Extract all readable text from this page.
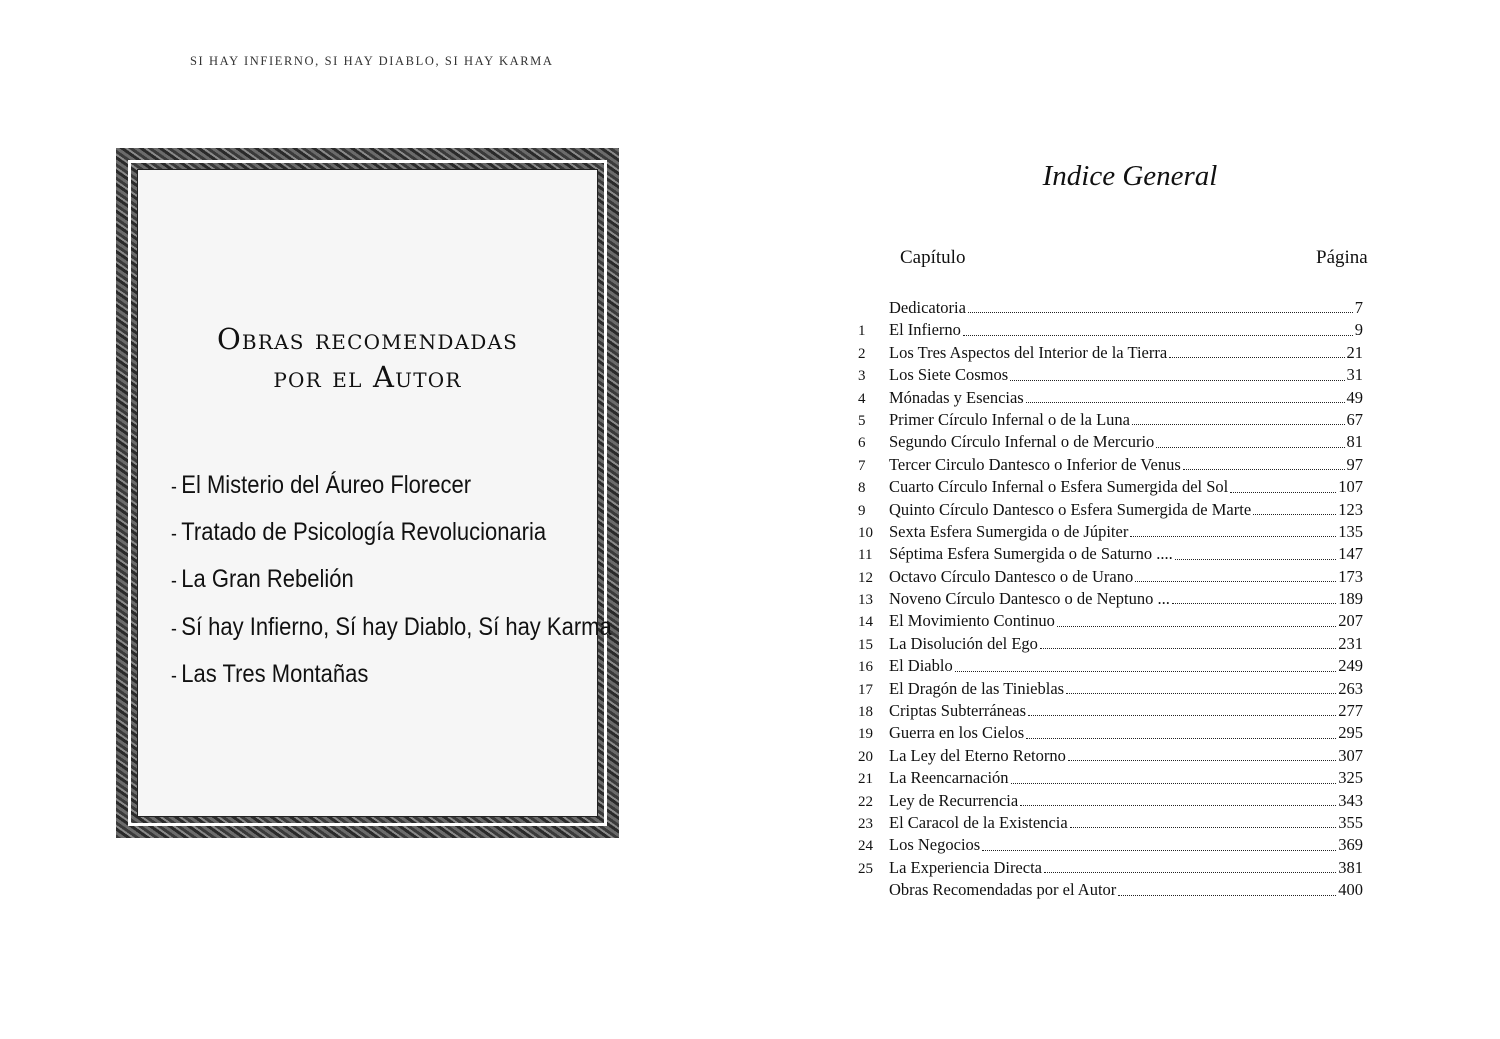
SI HAY INFIERNO, SI HAY DIABLO, SI HAY KARMA
Obras recomendadas
por el Autor
- El Misterio del Áureo Florecer
- Tratado de Psicología Revolucionaria
- La Gran Rebelión
- Sí hay Infierno, Sí hay Diablo, Sí hay Karma
- Las Tres Montañas
Indice General
Capítulo	Página
Dedicatoria	7
1	El Infierno	9
2	Los Tres Aspectos del Interior de la Tierra	21
3	Los Siete Cosmos	31
4	Mónadas y Esencias	49
5	Primer Círculo Infernal o de la Luna	67
6	Segundo Círculo Infernal o de Mercurio	81
7	Tercer Circulo Dantesco o Inferior de Venus	97
8	Cuarto Círculo Infernal o Esfera Sumergida del Sol	107
9	Quinto Círculo Dantesco o Esfera Sumergida de Marte	123
10 Sexta Esfera Sumergida o de Júpiter	135
11	Séptima Esfera Sumergida o de Saturno ....	147
12 Octavo Círculo Dantesco o de Urano	173
13 Noveno Círculo Dantesco o de Neptuno ...	189
14 El Movimiento Continuo	207
15 La Disolución del Ego	231
16 El Diablo	249
17 El Dragón de las Tinieblas	263
18 Criptas Subterráneas	277
19 Guerra en los Cielos	295
20 La Ley del Eterno Retorno	307
21 La Reencarnación	325
22 Ley de Recurrencia	343
23 El Caracol de la Existencia	355
24 Los Negocios	369
25 La Experiencia Directa	381
Obras Recomendadas por el Autor	400
